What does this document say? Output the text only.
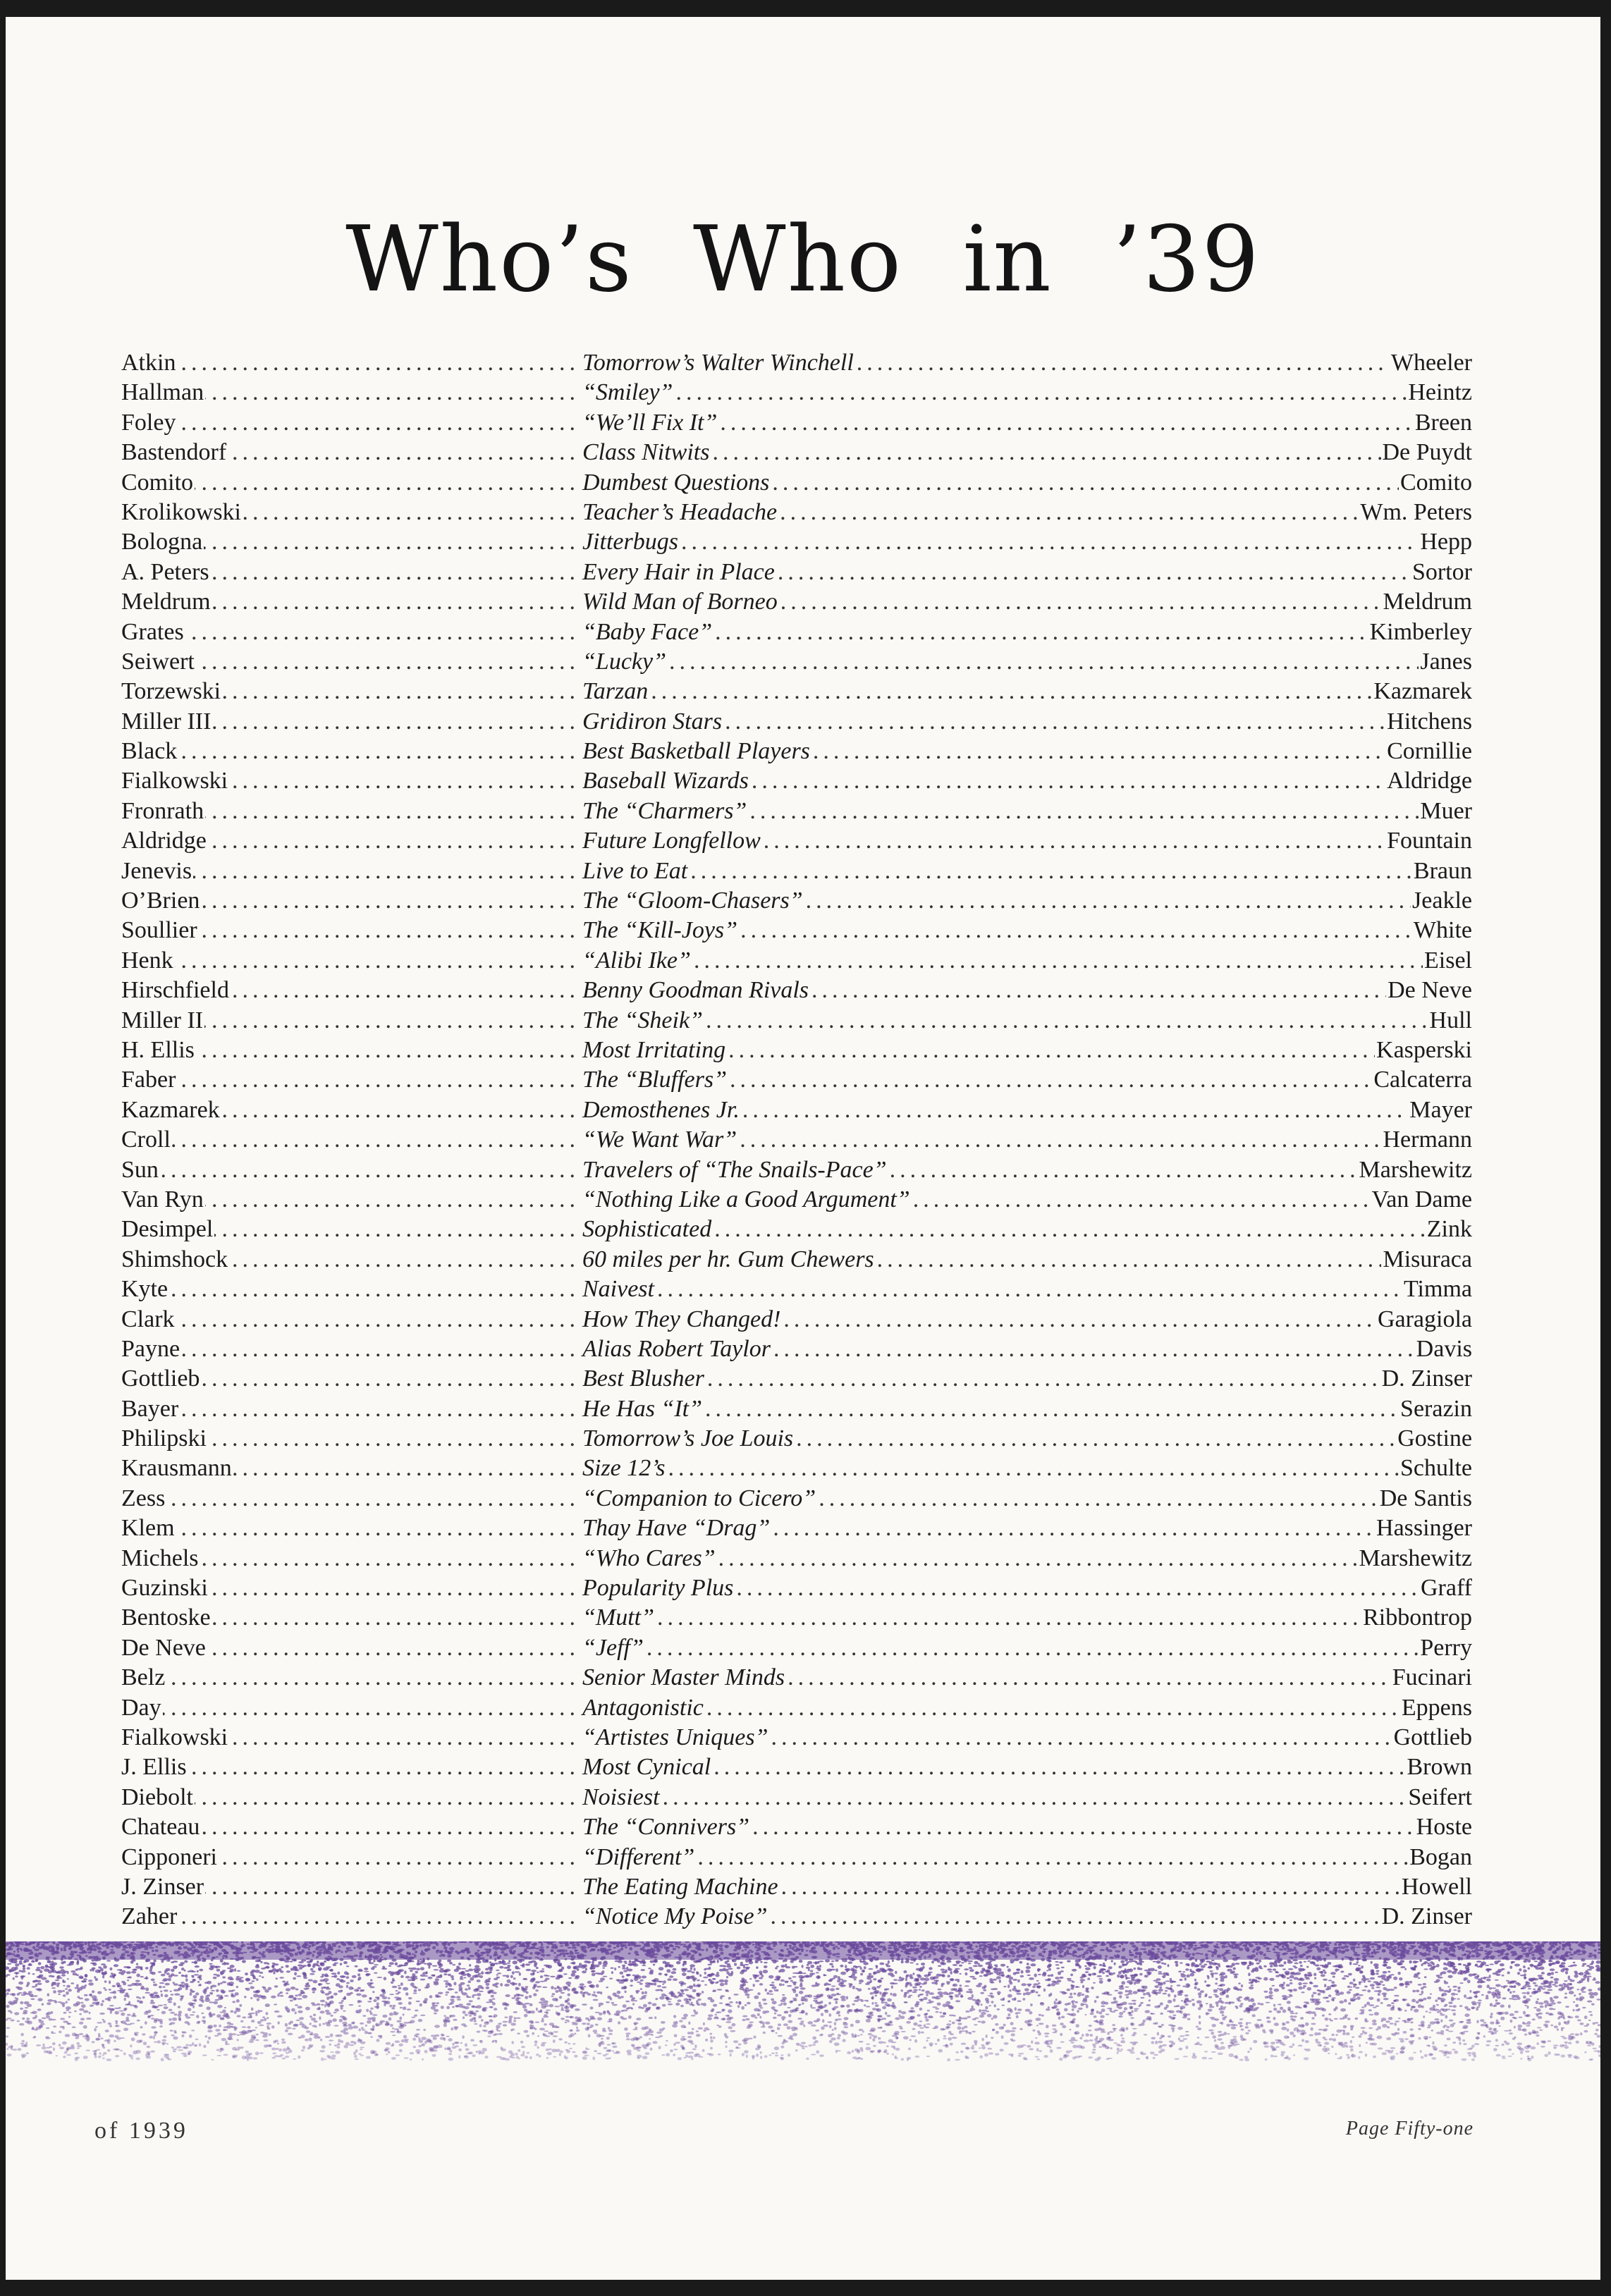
Who’s  Who  in  ’39
Atkin .....	Tomorrow’s Walter Winchell .....	Wheeler
Hallman .....	“Smiley” .....	Heintz
Foley .....	“We’ll Fix It” .....	Breen
Bastendorf .....	Class Nitwits .....	De Puydt
Comito .....	Dumbest Questions .....	Comito
Krolikowski .....	Teacher’s Headache .....	Wm. Peters
Bologna .....	Jitterbugs .....	Hepp
A. Peters .....	Every Hair in Place .....	Sortor
Meldrum .....	Wild Man of Borneo .....	Meldrum
Grates .....	“Baby Face” .....	Kimberley
Seiwert .....	“Lucky” .....	Janes
Torzewski .....	Tarzan .....	Kazmarek
Miller III .....	Gridiron Stars .....	Hitchens
Black .....	Best Basketball Players .....	Cornillie
Fialkowski .....	Baseball Wizards .....	Aldridge
Fronrath .....	The “Charmers” .....	Muer
Aldridge .....	Future Longfellow .....	Fountain
Jenevis .....	Live to Eat .....	Braun
O’Brien .....	The “Gloom-Chasers” .....	Jeakle
Soullier .....	The “Kill-Joys” .....	White
Henk .....	“Alibi Ike” .....	Eisel
Hirschfield .....	Benny Goodman Rivals .....	De Neve
Miller II .....	The “Sheik” .....	Hull
H. Ellis .....	Most Irritating .....	Kasperski
Faber .....	The “Bluffers” .....	Calcaterra
Kazmarek .....	Demosthenes Jr. .....	Mayer
Croll .....	“We Want War” .....	Hermann
Sun .....	Travelers of “The Snails-Pace” .....	Marshewitz
Van Ryn .....	“Nothing Like a Good Argument” .....	Van Dame
Desimpel .....	Sophisticated .....	Zink
Shimshock .....	60 miles per hr. Gum Chewers .....	Misuraca
Kyte .....	Naivest .....	Timma
Clark .....	How They Changed! .....	Garagiola
Payne .....	Alias Robert Taylor .....	Davis
Gottlieb .....	Best Blusher .....	D. Zinser
Bayer .....	He Has “It” .....	Serazin
Philipski .....	Tomorrow’s Joe Louis .....	Gostine
Krausmann .....	Size 12’s .....	Schulte
Zess .....	“Companion to Cicero” .....	De Santis
Klem .....	Thay Have “Drag” .....	Hassinger
Michels .....	“Who Cares” .....	Marshewitz
Guzinski .....	Popularity Plus .....	Graff
Bentoske .....	“Mutt” .....	Ribbontrop
De Neve .....	“Jeff” .....	Perry
Belz .....	Senior Master Minds .....	Fucinari
Day .....	Antagonistic .....	Eppens
Fialkowski .....	“Artistes Uniques” .....	Gottlieb
J. Ellis .....	Most Cynical .....	Brown
Diebolt .....	Noisiest .....	Seifert
Chateau .....	The “Connivers” .....	Hoste
Cipponeri .....	“Different” .....	Bogan
J. Zinser .....	The Eating Machine .....	Howell
Zaher .....	“Notice My Poise” .....	D. Zinser
of 1939	Page Fifty-one
